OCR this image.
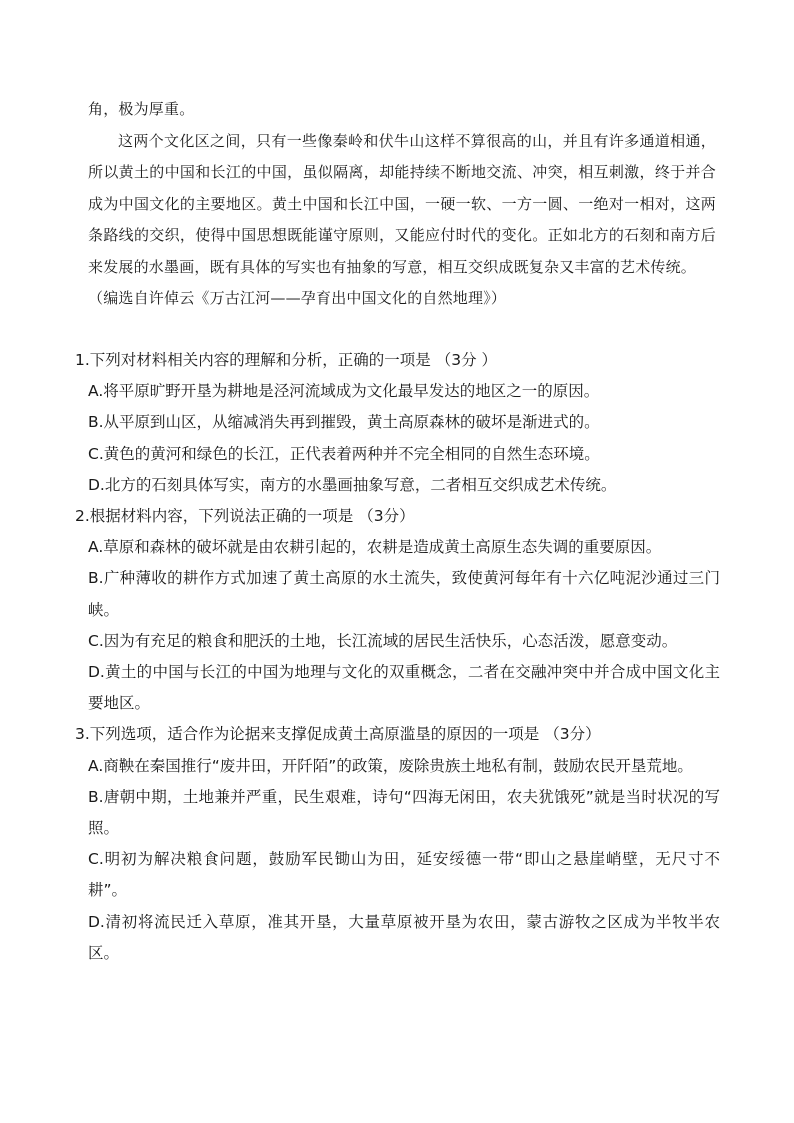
角，极为厚重。

这两个文化区之间，只有一些像秦岭和伏牛山这样不算很高的山，并且有许多通道相通，所以黄土的中国和长江的中国，虽似隔离，却能持续不断地交流、冲突，相互刺激，终于并合成为中国文化的主要地区。黄土中国和长江中国，一硬一软、一方一圆、一绝对一相对，这两条路线的交织，使得中国思想既能谨守原则，又能应付时代的变化。正如北方的石刻和南方后来发展的水墨画，既有具体的写实也有抽象的写意，相互交织成既复杂又丰富的艺术传统。

（编选自许倬云《万古江河——孕育出中国文化的自然地理》）

1.下列对材料相关内容的理解和分析，正确的一项是 （3分 ）

A.将平原旷野开垦为耕地是泾河流域成为文化最早发达的地区之一的原因。

B.从平原到山区，从缩减消失再到摧毁，黄土高原森林的破坏是渐进式的。

C.黄色的黄河和绿色的长江，正代表着两种并不完全相同的自然生态环境。

D.北方的石刻具体写实，南方的水墨画抽象写意，二者相互交织成艺术传统。

2.根据材料内容，下列说法正确的一项是 （3分）

A.草原和森林的破坏就是由农耕引起的，农耕是造成黄土高原生态失调的重要原因。

B.广种薄收的耕作方式加速了黄土高原的水土流失，致使黄河每年有十六亿吨泥沙通过三门峡。

C.因为有充足的粮食和肥沃的土地，长江流域的居民生活快乐，心态活泼，愿意变动。

D.黄土的中国与长江的中国为地理与文化的双重概念，二者在交融冲突中并合成中国文化主要地区。

3.下列选项，适合作为论据来支撑促成黄土高原滥垦的原因的一项是 （3分）

A.商鞅在秦国推行“废井田，开阡陌”的政策，废除贵族土地私有制，鼓励农民开垦荒地。

B.唐朝中期，土地兼并严重，民生艰难，诗句“四海无闲田，农夫犹饿死”就是当时状况的写照。

C.明初为解决粮食问题，鼓励军民锄山为田，延安绥德一带“即山之悬崖峭壁，无尺寸不耕”。

D.清初将流民迁入草原，准其开垦，大量草原被开垦为农田，蒙古游牧之区成为半牧半农区。
